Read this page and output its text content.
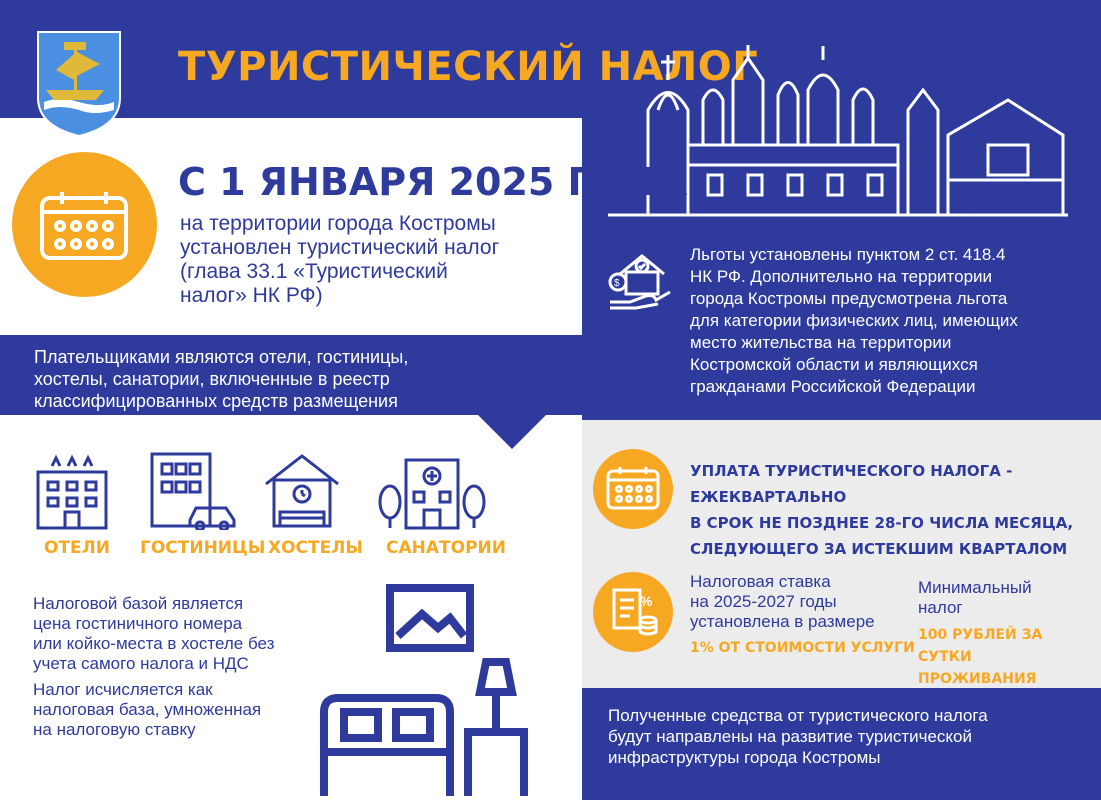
ТУРИСТИЧЕСКИЙ НАЛОГ
С 1 ЯНВАРЯ 2025 ГОДА
на территории города Костромы
установлен туристический налог
(глава 33.1 «Туристический
налог» НК РФ)
Плательщиками являются отели, гостиницы,
хостелы, санатории, включенные в реестр
классифицированных средств размещения
ОТЕЛИ ГОСТИНИЦЫ ХОСТЕЛЫ САНАТОРИИ
Налоговой базой является
цена гостиничного номера
или койко-места в хостеле без
учета самого налога и НДС
Налог исчисляется как
налоговая база, умноженная
на налоговую ставку
$
Льготы установлены пунктом 2 ст. 418.4
НК РФ. Дополнительно на территории
города Костромы предусмотрена льгота
для категории физических лиц, имеющих
место жительства на территории
Костромской области и являющихся
гражданами Российской Федерации
УПЛАТА ТУРИСТИЧЕСКОГО НАЛОГА - ЕЖЕКВАРТАЛЬНО
В СРОК НЕ ПОЗДНЕЕ 28-ГО ЧИСЛА МЕСЯЦА,
СЛЕДУЮЩЕГО ЗА ИСТЕКШИМ КВАРТАЛОМ
%
Налоговая ставка
на 2025-2027 годы
установлена в размере
1% ОТ СТОИМОСТИ УСЛУГИ
Минимальный
налог
100 РУБЛЕЙ ЗА
СУТКИ ПРОЖИВАНИЯ
Полученные средства от туристического налога
будут направлены на развитие туристической
инфраструктуры города Костромы
